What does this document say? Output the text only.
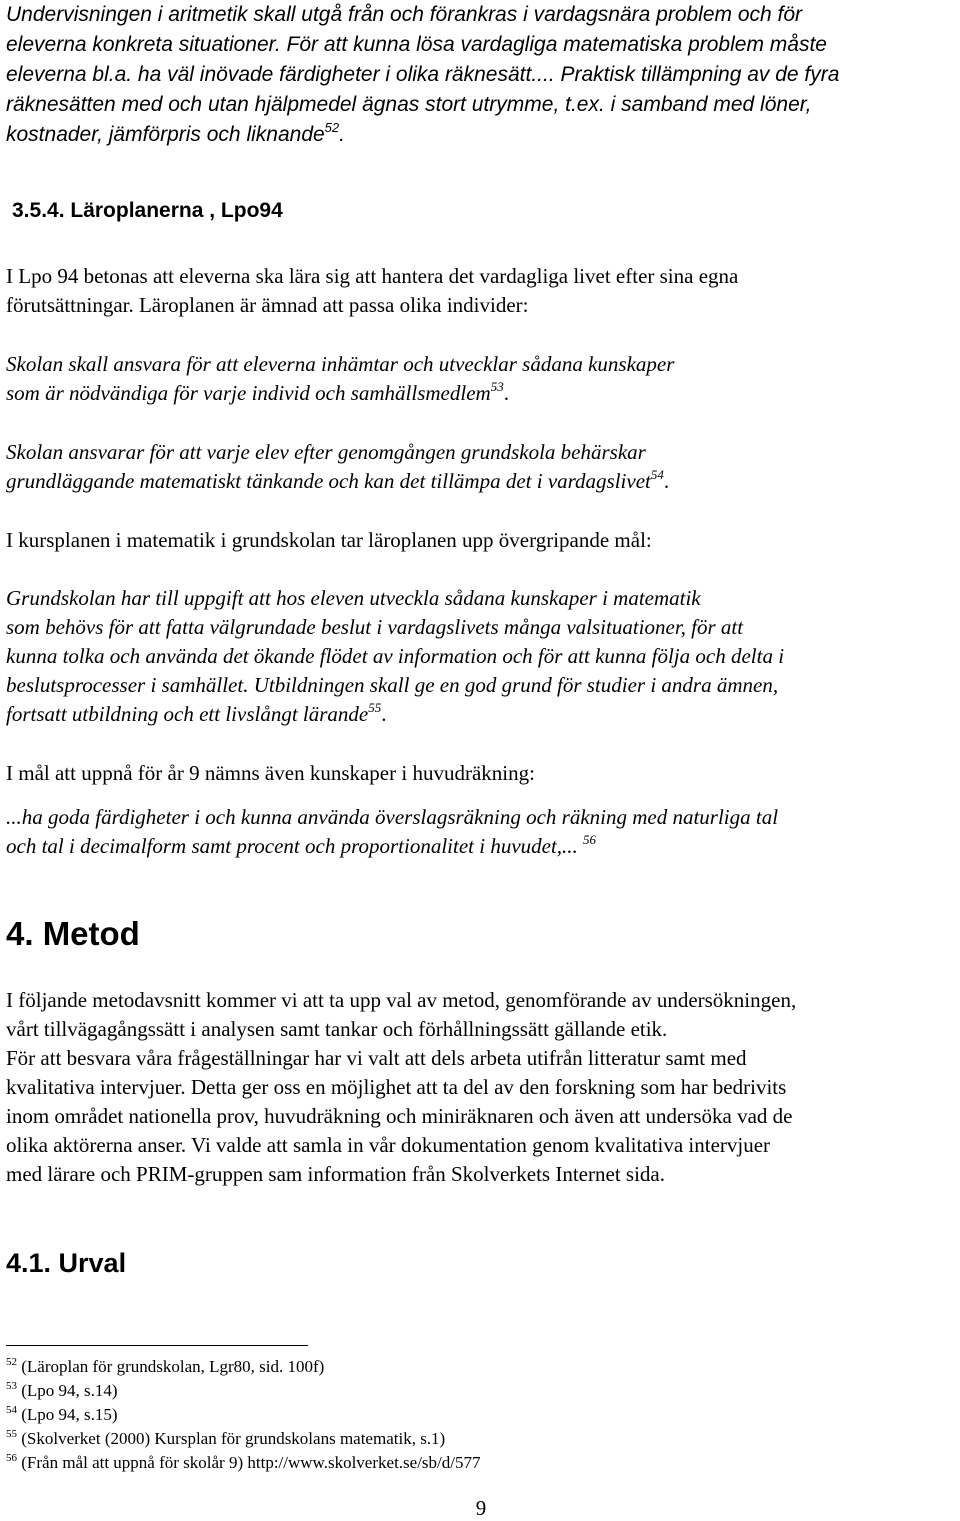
Undervisningen i aritmetik skall utgå från och förankras i vardagsnära problem och för

eleverna konkreta situationer. För att kunna lösa vardagliga matematiska problem måste

eleverna bl.a. ha väl inövade färdigheter i olika räknesätt.... Praktisk tillämpning av de fyra

räknesätten med och utan hjälpmedel ägnas stort utrymme, t.ex. i samband med löner,

kostnader, jämförpris och liknande$^{52}$.

3.5.4. Läroplanerna , Lpo94

I Lpo 94 betonas att eleverna ska lära sig att hantera det vardagliga livet efter sina egna

förutsättningar. Läroplanen är ämnad att passa olika individer:

Skolan skall ansvara för att eleverna inhämtar och utvecklar sådana kunskaper

som är nödvändiga för varje individ och samhällsmedlem$^{53}$.

Skolan ansvarar för att varje elev efter genomgången grundskola behärskar

grundläggande matematiskt tänkande och kan det tillämpa det i vardagslivet$^{54}$.

I kursplanen i matematik i grundskolan tar läroplanen upp övergripande mål:

Grundskolan har till uppgift att hos eleven utveckla sådana kunskaper i matematik

som behövs för att fatta välgrundade beslut i vardagslivets många valsituationer, för att

kunna tolka och använda det ökande flödet av information och för att kunna följa och delta i

beslutsprocesser i samhället. Utbildningen skall ge en god grund för studier i andra ämnen,

fortsatt utbildning och ett livslångt lärande$^{55}$.

I mål att uppnå för år 9 nämns även kunskaper i huvudräkning:

...ha goda färdigheter i och kunna använda överslagsräkning och räkning med naturliga tal

och tal i decimalform samt procent och proportionalitet i huvudet,... $^{56}$

4. Metod

I följande metodavsnitt kommer vi att ta upp val av metod, genomförande av undersökningen,

vårt tillvägagångssätt i analysen samt tankar och förhållningssätt gällande etik.

För att besvara våra frågeställningar har vi valt att dels arbeta utifrån litteratur samt med

kvalitativa intervjuer. Detta ger oss en möjlighet att ta del av den forskning som har bedrivits

inom området nationella prov, huvudräkning och miniräknaren och även att undersöka vad de

olika aktörerna anser. Vi valde att samla in vår dokumentation genom kvalitativa intervjuer

med lärare och PRIM-gruppen sam information från Skolverkets Internet sida.

4.1. Urval

$^{52}$ (Läroplan för grundskolan, Lgr80, sid. 100f)

$^{53}$ (Lpo 94, s.14)

$^{54}$ (Lpo 94, s.15)

$^{55}$ (Skolverket (2000) Kursplan för grundskolans matematik, s.1)

$^{56}$ (Från mål att uppnå för skolår 9) http://www.skolverket.se/sb/d/577

9
